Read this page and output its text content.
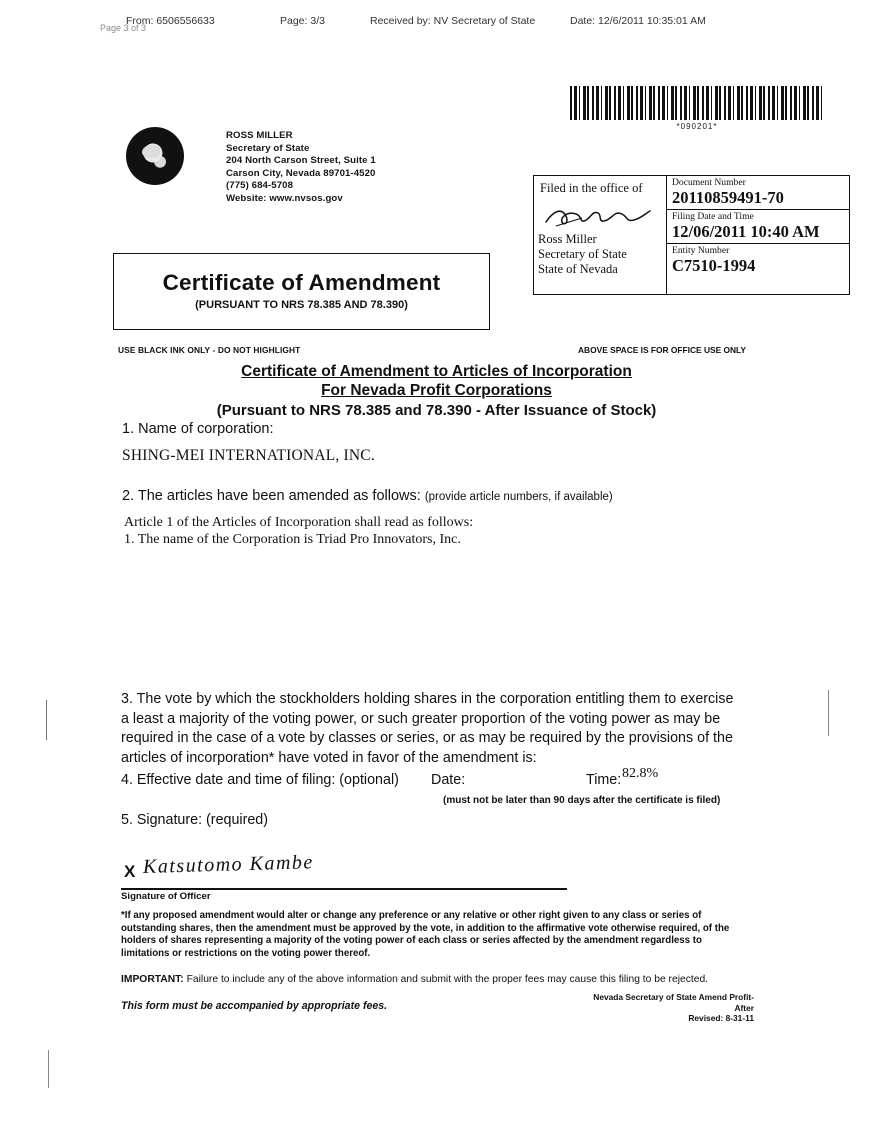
Page 3 of 3
From: 6506556633	Page: 3/3	Received by: NV Secretary of State	Date: 12/6/2011 10:35:01 AM
*090201*
ROSS MILLER
Secretary of State
204 North Carson Street, Suite 1
Carson City, Nevada 89701-4520
(775) 684-5708
Website: www.nvsos.gov
Filed in the office of
Ross Miller
Secretary of State
State of Nevada
Document Number
20110859491-70
Filing Date and Time
12/06/2011 10:40 AM
Entity Number
C7510-1994
Certificate of Amendment
(PURSUANT TO NRS 78.385 AND 78.390)
USE BLACK INK ONLY - DO NOT HIGHLIGHT	ABOVE SPACE IS FOR OFFICE USE ONLY
Certificate of Amendment to Articles of Incorporation
For Nevada Profit Corporations
(Pursuant to NRS 78.385 and 78.390 - After Issuance of Stock)
1. Name of corporation:
SHING-MEI INTERNATIONAL, INC.
2. The articles have been amended as follows: (provide article numbers, if available)
Article 1 of the Articles of Incorporation shall read as follows:
1. The name of the Corporation is Triad Pro Innovators, Inc.
3. The vote by which the stockholders holding shares in the corporation entitling them to exercise a least a majority of the voting power, or such greater proportion of the voting power as may be required in the case of a vote by classes or series, or as may be required by the provisions of the articles of incorporation* have voted in favor of the amendment is:
82.8%
4. Effective date and time of filing: (optional) Date:	Time:
(must not be later than 90 days after the certificate is filed)
5. Signature: (required)
X Katsutomo Kambe
Signature of Officer
*If any proposed amendment would alter or change any preference or any relative or other right given to any class or series of outstanding shares, then the amendment must be approved by the vote, in addition to the affirmative vote otherwise required, of the holders of shares representing a majority of the voting power of each class or series affected by the amendment regardless to limitations or restrictions on the voting power thereof.
IMPORTANT: Failure to include any of the above information and submit with the proper fees may cause this filing to be rejected.
This form must be accompanied by appropriate fees.
Nevada Secretary of State Amend Profit-After
Revised: 8-31-11
